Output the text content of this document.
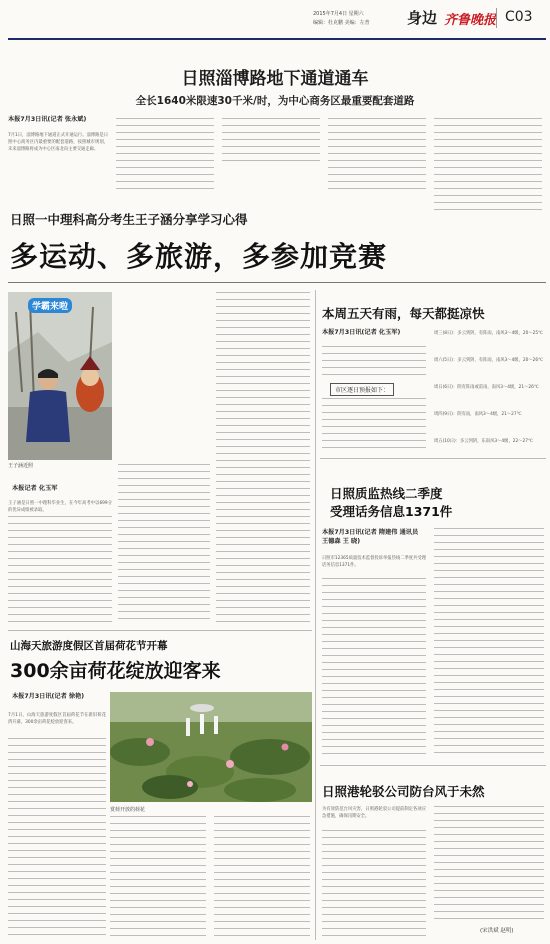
2015年7月4日 星期六
编辑：杜克鹏 美编：左普 身边 齐鲁晚报 C03
日照淄博路地下通道通车
全长1640米限速30千米/时，为中心商务区最重要配套道路
本报7月3日讯(记者 张永斌)
7月1日，淄博路地下通道正式开通运行。淄博路是日照中心商务区内最重要的配套道路，按照城市规划，未来淄博路将成为中心区南北向主要交通走廊。
日照一中理科高分考生王子涵分享学习心得
多运动、多旅游，多参加竞赛
学霸来啦
王子涵近照
本报记者 化玉军
王子涵是日照一中理科毕业生，在今年高考中以699分的优异成绩被录取。
本周五天有雨，每天都挺凉快
本报7月3日讯(记者 化玉军)
市区逐日预报如下：
周三(8日)：多云到阴，有阵雨，南风3～4级，20～25℃
周六(5日)：多云到阴，有阵雨，南风3～4级，20～26℃
周日(6日)：阴有阵雨或雷雨，南风3～4级，21～26℃
周四(9日)：阴有雨，南风3～4级，21～27℃
周五(10日)：多云到阴，东南风3～4级，22～27℃
日照质监热线二季度
受理话务信息1371件
本报7月3日讯(记者 隋建伟 通讯员 王德森 王 晓)
日照市12365质量技术监督投诉举报热线二季度共受理话务信息1371件。
山海天旅游度假区首届荷花节开幕
300余亩荷花绽放迎客来
本报7月3日讯(记者 徐艳)
7月1日，山海天旅游度假区首届荷花节在新旧荷花湾开幕，300余亩荷花绽放迎客来。
赏荷开放的荷花
日照港轮驳公司防台风于未然
为有效防范台风灾害，日照港轮驳公司提前制定各项应急措施，确保汛期安全。
(宋洪斌 赵明)
